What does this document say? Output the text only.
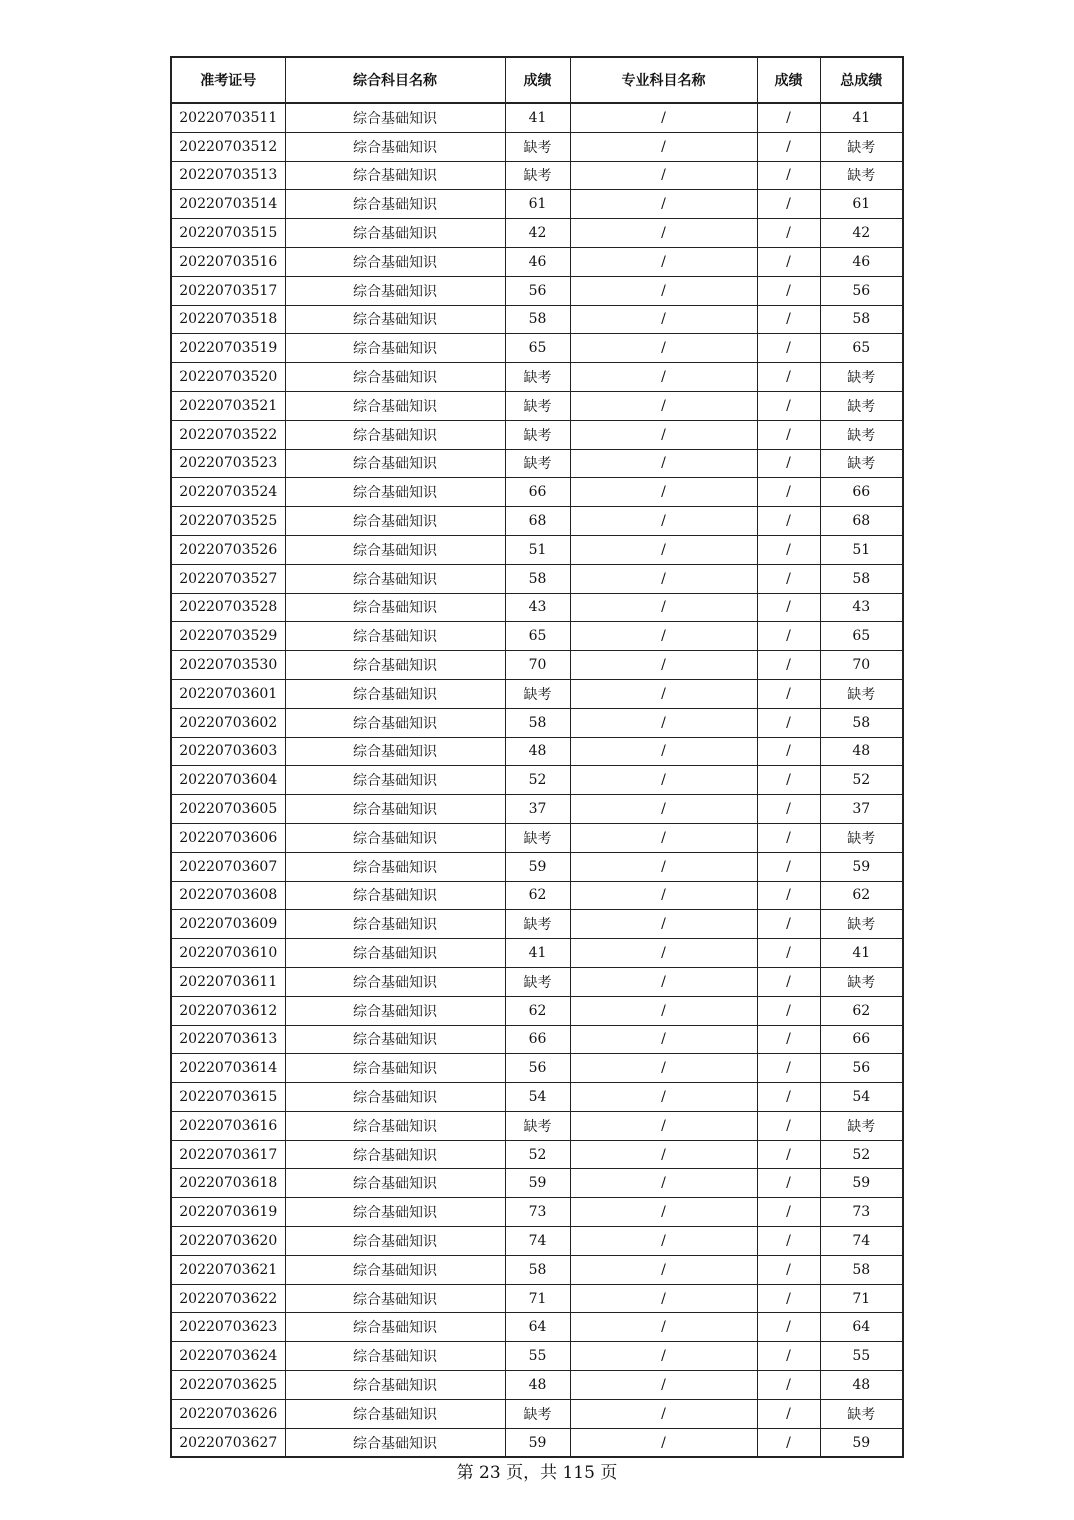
准考证号	综合科目名称	成绩	专业科目名称	成绩	总成绩
20220703511	综合基础知识	41	/	/	41
20220703512	综合基础知识	缺考	/	/	缺考
20220703513	综合基础知识	缺考	/	/	缺考
20220703514	综合基础知识	61	/	/	61
20220703515	综合基础知识	42	/	/	42
20220703516	综合基础知识	46	/	/	46
20220703517	综合基础知识	56	/	/	56
20220703518	综合基础知识	58	/	/	58
20220703519	综合基础知识	65	/	/	65
20220703520	综合基础知识	缺考	/	/	缺考
20220703521	综合基础知识	缺考	/	/	缺考
20220703522	综合基础知识	缺考	/	/	缺考
20220703523	综合基础知识	缺考	/	/	缺考
20220703524	综合基础知识	66	/	/	66
20220703525	综合基础知识	68	/	/	68
20220703526	综合基础知识	51	/	/	51
20220703527	综合基础知识	58	/	/	58
20220703528	综合基础知识	43	/	/	43
20220703529	综合基础知识	65	/	/	65
20220703530	综合基础知识	70	/	/	70
20220703601	综合基础知识	缺考	/	/	缺考
20220703602	综合基础知识	58	/	/	58
20220703603	综合基础知识	48	/	/	48
20220703604	综合基础知识	52	/	/	52
20220703605	综合基础知识	37	/	/	37
20220703606	综合基础知识	缺考	/	/	缺考
20220703607	综合基础知识	59	/	/	59
20220703608	综合基础知识	62	/	/	62
20220703609	综合基础知识	缺考	/	/	缺考
20220703610	综合基础知识	41	/	/	41
20220703611	综合基础知识	缺考	/	/	缺考
20220703612	综合基础知识	62	/	/	62
20220703613	综合基础知识	66	/	/	66
20220703614	综合基础知识	56	/	/	56
20220703615	综合基础知识	54	/	/	54
20220703616	综合基础知识	缺考	/	/	缺考
20220703617	综合基础知识	52	/	/	52
20220703618	综合基础知识	59	/	/	59
20220703619	综合基础知识	73	/	/	73
20220703620	综合基础知识	74	/	/	74
20220703621	综合基础知识	58	/	/	58
20220703622	综合基础知识	71	/	/	71
20220703623	综合基础知识	64	/	/	64
20220703624	综合基础知识	55	/	/	55
20220703625	综合基础知识	48	/	/	48
20220703626	综合基础知识	缺考	/	/	缺考
20220703627	综合基础知识	59	/	/	59
第 23 页，共 115 页
